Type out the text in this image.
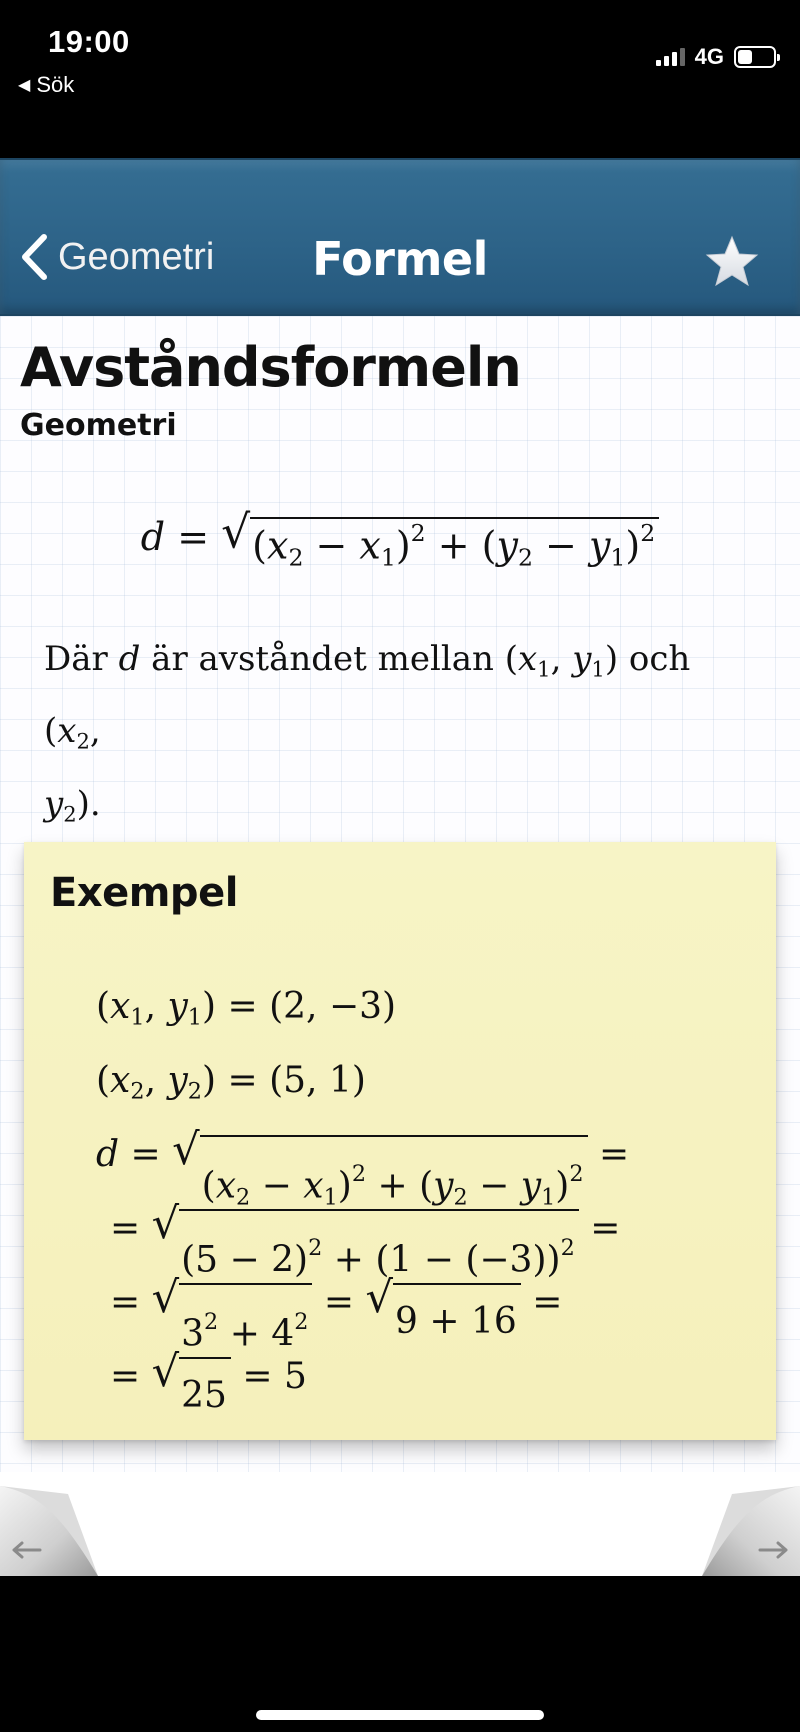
19:00
◀ Sök
4G
Geometri	Formel
Avståndsformeln
Geometri
d = √ $(x_2 - x_1)^2 + (y_2 - y_1)^2$
Där d är avståndet mellan ($x_1$, $y_1$) och ($x_2$,
$y_2$).
Exempel
($x_1$, $y_1) = (2$, −3)
($x_2$, $y_2) = (5$, 1)
d = √
$(x_2 - x_1)^2 + (y_2 - y_1)^2$ =
= √
$(5 - 2)^2 + (1 - (-3))^2$ =
= √
$3^2 + 4^2$ = √ 9 + 16 =
= √ 25 = 5
